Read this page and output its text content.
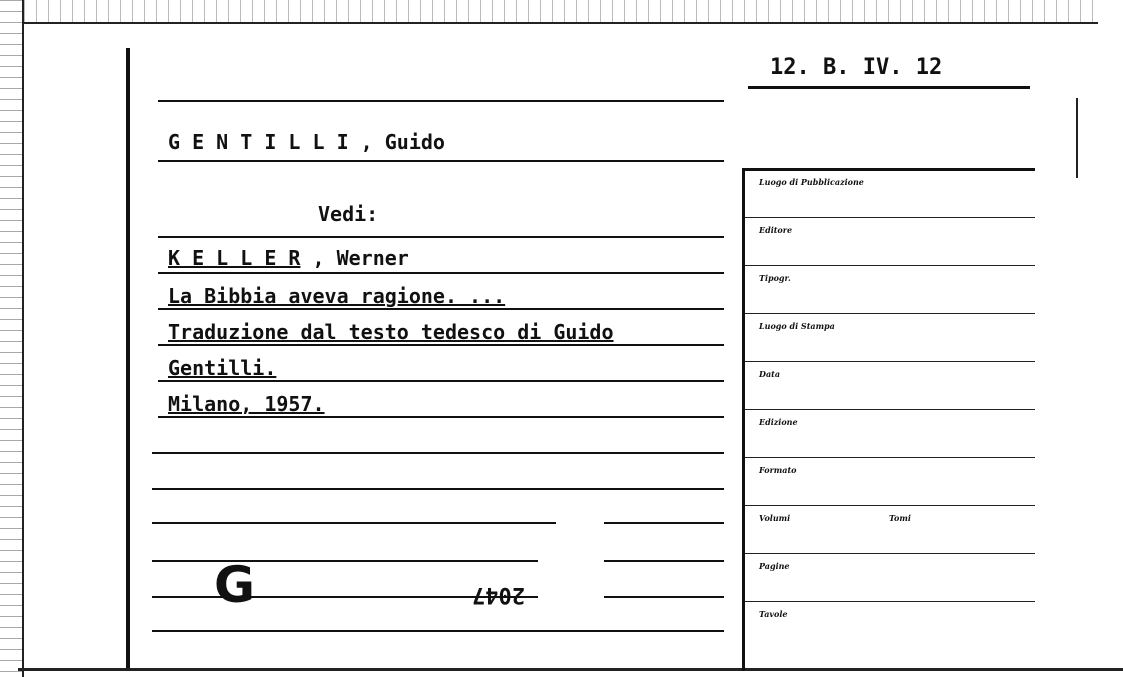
12. B. IV. 12
G E N T I L L I , Guido
Vedi:
K E L L E R , Werner
La Bibbia aveva ragione. ...
Traduzione dal testo tedesco di Guido
Gentilli.
Milano, 1957.
G	2047
Luogo di Pubblicazione
Editore
Tipogr.
Luogo di Stampa
Data
Edizione
Formato
Volumi	Tomi
Pagine
Tavole
